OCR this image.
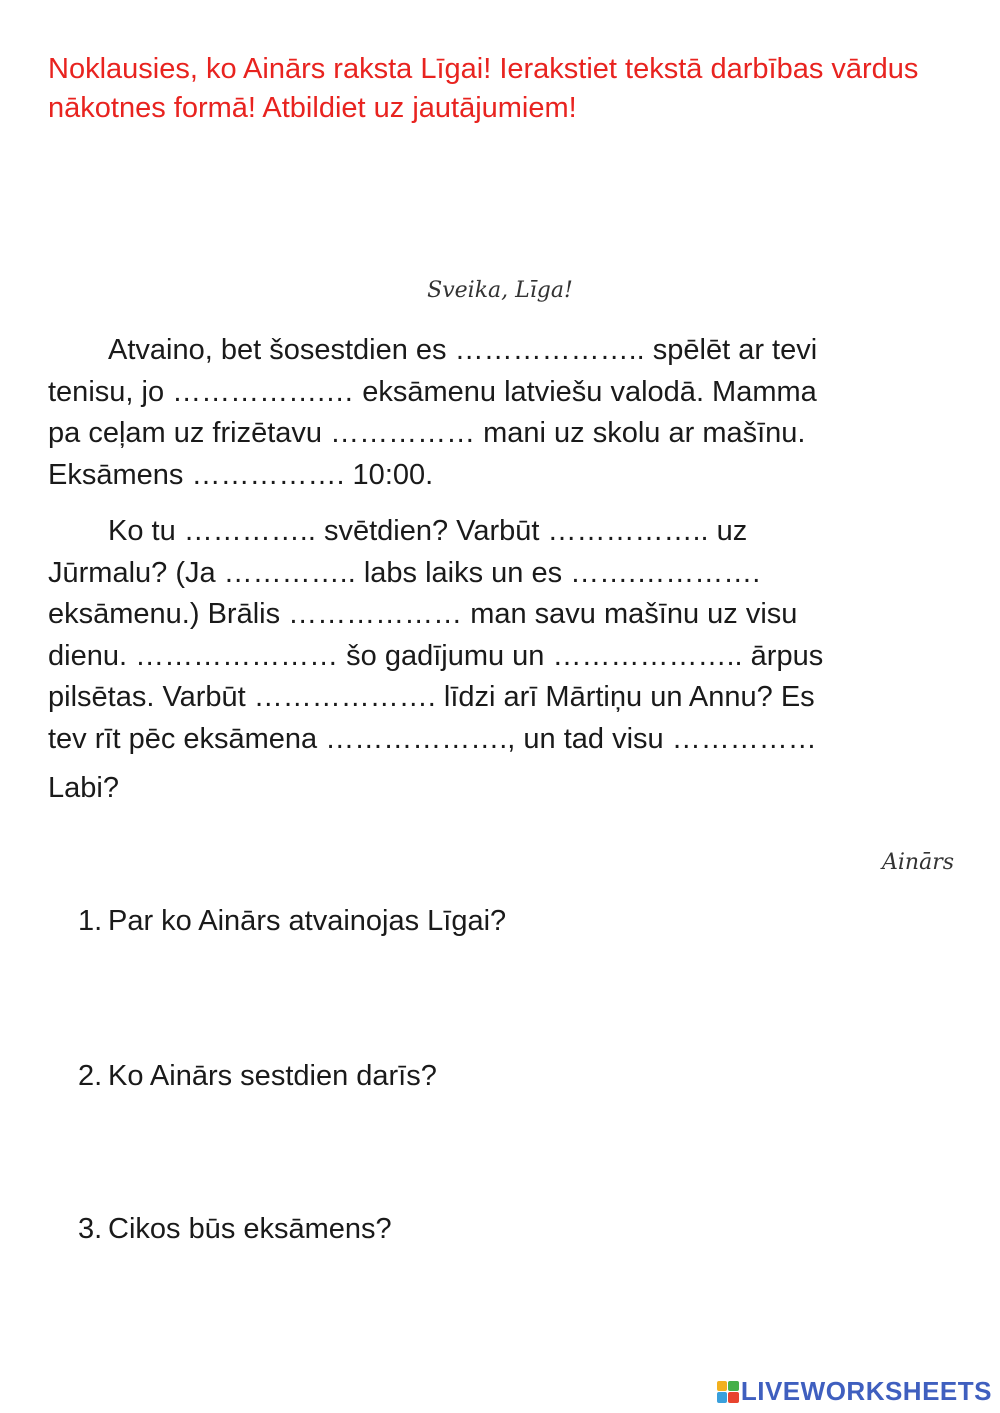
Noklausies, ko Ainārs raksta Līgai! Ierakstiet tekstā darbības vārdus nākotnes formā! Atbildiet uz jautājumiem!
Sveika, Līga!

Atvaino, bet šosestdien es ……………….. spēlēt ar tevi
tenisu, jo …………….… eksāmenu latviešu valodā. Mamma
pa ceļam uz frizētavu …………… mani uz skolu ar mašīnu.
Eksāmens ……………. 10:00.

Ko tu ………….. svētdien? Varbūt …………….. uz
Jūrmalu? (Ja ………….. labs laiks un es …….………….
eksāmenu.) Brālis ……………… man savu mašīnu uz visu
dienu. ………………… šo gadījumu un ……………….. ārpus
pilsētas. Varbūt ………………. līdzi arī Mārtiņu un Annu? Es
tev rīt pēc eksāmena ………………., un tad visu ……………

Labi?
Ainārs
1. Par ko Ainārs atvainojas Līgai?
2. Ko Ainārs sestdien darīs?
3. Cikos būs eksāmens?
LIVEWORKSHEETS
